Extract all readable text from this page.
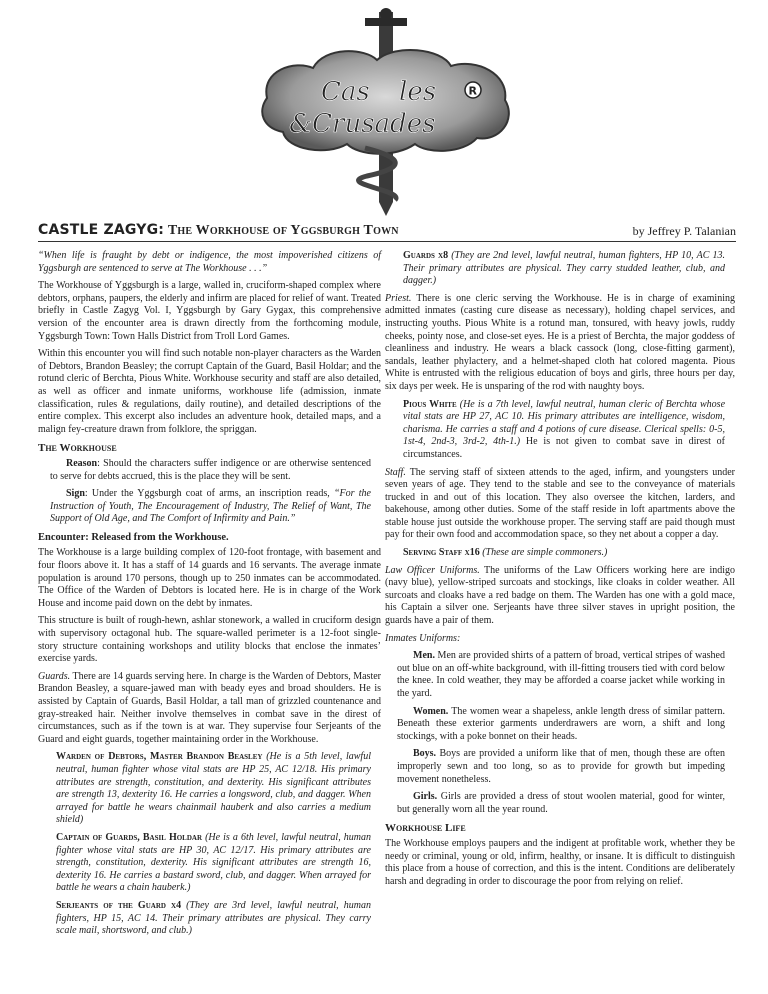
Cas les
&Crusades
R
CASTLE ZAGYG: The Workhouse of Yggsburgh Town	by Jeffrey P. Talanian

“When life is fraught by debt or indigence, the most impoverished citizens of Yggsburgh are sentenced to serve at The Workhouse . . .”

The Workhouse of Yggsburgh is a large, walled in, cruciform-shaped complex where debtors, orphans, paupers, the elderly and infirm are placed for relief of want. Treated briefly in Castle Zagyg Vol. I, Yggsburgh by Gary Gygax, this comprehensive version of the encounter area is drawn directly from the forthcoming module, Yggsburgh Town: Town Halls District from Troll Lord Games.

Within this encounter you will find such notable non-player characters as the Warden of Debtors, Brandon Beasley; the corrupt Captain of the Guard, Basil Holdar; and the rotund cleric of Berchta, Pious White. Workhouse security and staff are also detailed, as well as officer and inmate uniforms, workhouse life (admission, inmate classification, rules & regulations, daily routine), and detailed descriptions of the entire complex. This excerpt also includes an adventure hook, detailed maps, and a malign fey-creature drawn from folklore, the spriggan.

The Workhouse

Reason: Should the characters suffer indigence or are otherwise sentenced to serve for debts accrued, this is the place they will be sent.

Sign: Under the Yggsburgh coat of arms, an inscription reads, “For the Instruction of Youth, The Encouragement of Industry, The Relief of Want, The Support of Old Age, and The Comfort of Infirmity and Pain.”

Encounter: Released from the Workhouse.

The Workhouse is a large building complex of 120-foot frontage, with basement and four floors above it. It has a staff of 14 guards and 16 servants. The average inmate population is around 170 persons, though up to 250 inmates can be accommodated. The Office of the Warden of Debtors is located here. He is in charge of the Work House and income paid down on the debt by inmates.

This structure is built of rough-hewn, ashlar stonework, a walled in cruciform design with supervisory octagonal hub. The square-walled perimeter is a 12-foot single-story structure containing workshops and utility blocks that enclose the inmates’ exercise yards.

Guards. There are 14 guards serving here. In charge is the Warden of Debtors, Master Brandon Beasley, a square-jawed man with beady eyes and broad shoulders. He is assisted by Captain of Guards, Basil Holdar, a tall man of grizzled countenance and gray-streaked hair. Neither involve themselves in combat save in the direst of circumstances, such as if the town is at war. They supervise four Serjeants of the Guard and eight guards, together maintaining order in the Workhouse.

Warden of Debtors, Master Brandon Beasley (He is a 5th level, lawful neutral, human fighter whose vital stats are HP 25, AC 12/18. His primary attributes are strength, constitution, and dexterity. His significant attributes are strength 13, dexterity 16. He carries a longsword, club, and dagger. When arrayed for battle he wears chainmail hauberk and also carries a medium shield)

Captain of Guards, Basil Holdar (He is a 6th level, lawful neutral, human fighter whose vital stats are HP 30, AC 12/17. His primary attributes are strength, constitution, dexterity. His significant attributes are strength 16, dexterity 16. He carries a bastard sword, club, and dagger. When arrayed for battle he wears a chain hauberk.)

Serjeants of the Guard x4 (They are 3rd level, lawful neutral, human fighters, HP 15, AC 14. Their primary attributes are physical. They carry scale mail, shortsword, and club.)

Guards x8 (They are 2nd level, lawful neutral, human fighters, HP 10, AC 13. Their primary attributes are physical. They carry studded leather, club, and dagger.)

Priest. There is one cleric serving the Workhouse. He is in charge of examining admitted inmates (casting cure disease as necessary), holding chapel services, and instructing youths. Pious White is a rotund man, tonsured, with heavy jowls, ruddy cheeks, pointy nose, and close-set eyes. He is a priest of Berchta, the major goddess of cleanliness and industry. He wears a black cassock (long, close-fitting garment), sandals, leather phylactery, and a helmet-shaped cloth hat colored magenta. Pious White is entrusted with the religious education of boys and girls, three hours per day, six days per week. He is unsparing of the rod with naughty boys.

Pious White (He is a 7th level, lawful neutral, human cleric of Berchta whose vital stats are HP 27, AC 10. His primary attributes are intelligence, wisdom, charisma. He carries a staff and 4 potions of cure disease. Clerical spells: 0-5, 1st-4, 2nd-3, 3rd-2, 4th-1.) He is not given to combat save in direst of circumstances.

Staff. The serving staff of sixteen attends to the aged, infirm, and youngsters under seven years of age. They tend to the stable and see to the conveyance of materials trucked in and out of this location. They also oversee the kitchen, larders, and bakehouse, among other duties. Some of the staff reside in loft apartments above the stable house just outside the workhouse proper. The serving staff are paid though must pay for their own food and accommodation space, so they net about a copper a day.

Serving Staff x16 (These are simple commoners.)

Law Officer Uniforms. The uniforms of the Law Officers working here are indigo (navy blue), yellow-striped surcoats and stockings, like cloaks in colder weather. All surcoats and cloaks have a red badge on them. The Warden has one with a gold mace, his Captain a silver one. Serjeants have three silver staves in upright position, the guards have a pair of them.

Inmates Uniforms:

Men. Men are provided shirts of a pattern of broad, vertical stripes of washed out blue on an off-white background, with ill-fitting trousers tied with cord below the knee. In cold weather, they may be afforded a coarse jacket while working in the yard.

Women. The women wear a shapeless, ankle length dress of similar pattern. Beneath these exterior garments underdrawers are worn, a shift and long stockings, with a poke bonnet on their heads.

Boys. Boys are provided a uniform like that of men, though these are often improperly sewn and too long, so as to provide for growth but impeding movement nonetheless.

Girls. Girls are provided a dress of stout woolen material, good for winter, but generally worn all the year round.

Workhouse Life

The Workhouse employs paupers and the indigent at profitable work, whether they be needy or criminal, young or old, infirm, healthy, or insane. It is difficult to distinguish this place from a house of correction, and this is the intent. Conditions are deliberately harsh and degrading in order to discourage the poor from relying on relief.
